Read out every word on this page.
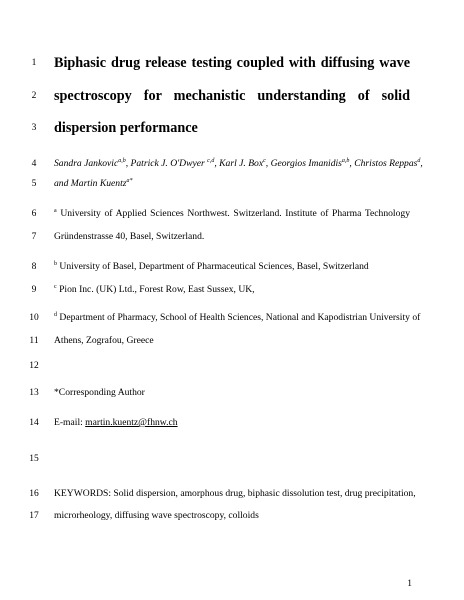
1	Biphasic drug release testing coupled with diffusing wave
2	spectroscopy for mechanistic understanding of solid
3	dispersion performance
4	Sandra Jankovic$^{a,b}$, Patrick J. O'Dwyer $^{c,d}$, Karl J. Box$^c$, Georgios Imanidis$^{a,b}$, Christos Reppas$^d$,
5	and Martin Kuentz$^{a*}$
6	$^a$ University of Applied Sciences Northwest. Switzerland. Institute of Pharma Technology
7	Gründenstrasse 40, Basel, Switzerland.
8	$^b$ University of Basel, Department of Pharmaceutical Sciences, Basel, Switzerland
9	$^c$ Pion Inc. (UK) Ltd., Forest Row, East Sussex, UK,
10	$^d$ Department of Pharmacy, School of Health Sciences, National and Kapodistrian University of
11	Athens, Zografou, Greece
12
13	*Corresponding Author
14	E-mail: martin.kuentz@fhnw.ch
15
16	KEYWORDS: Solid dispersion, amorphous drug, biphasic dissolution test, drug precipitation,
17	microrheology, diffusing wave spectroscopy, colloids
1
